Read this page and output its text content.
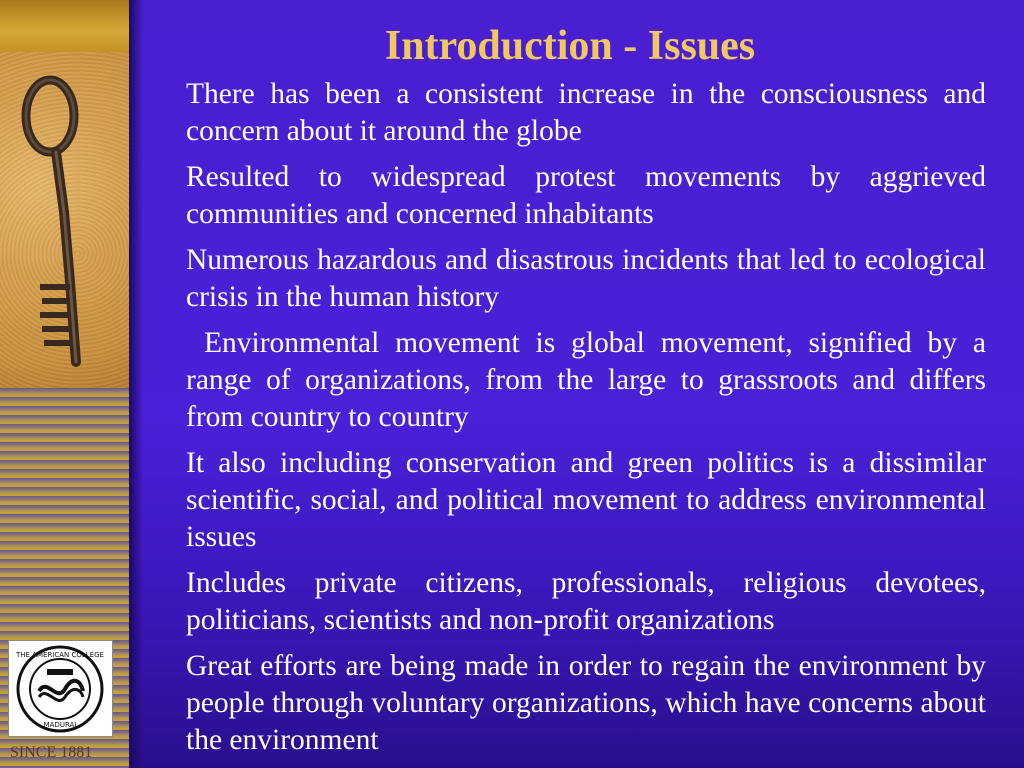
THE AMERICAN COLLEGE
MADURAI
SINCE 1881
Introduction - Issues
There has been a consistent increase in the consciousness and concern about it around the globe
Resulted to widespread protest movements by aggrieved communities and concerned inhabitants
Numerous hazardous and disastrous incidents that led to ecological crisis in the human history
Environmental movement is global movement, signified by a range of organizations, from the large to grassroots and differs from country to country
It also including conservation and green politics is a dissimilar scientific, social, and political movement to address environmental issues
Includes private citizens, professionals, religious devotees, politicians, scientists and non-profit organizations
Great efforts are being made in order to regain the environment by people through voluntary organizations, which have concerns about the environment
